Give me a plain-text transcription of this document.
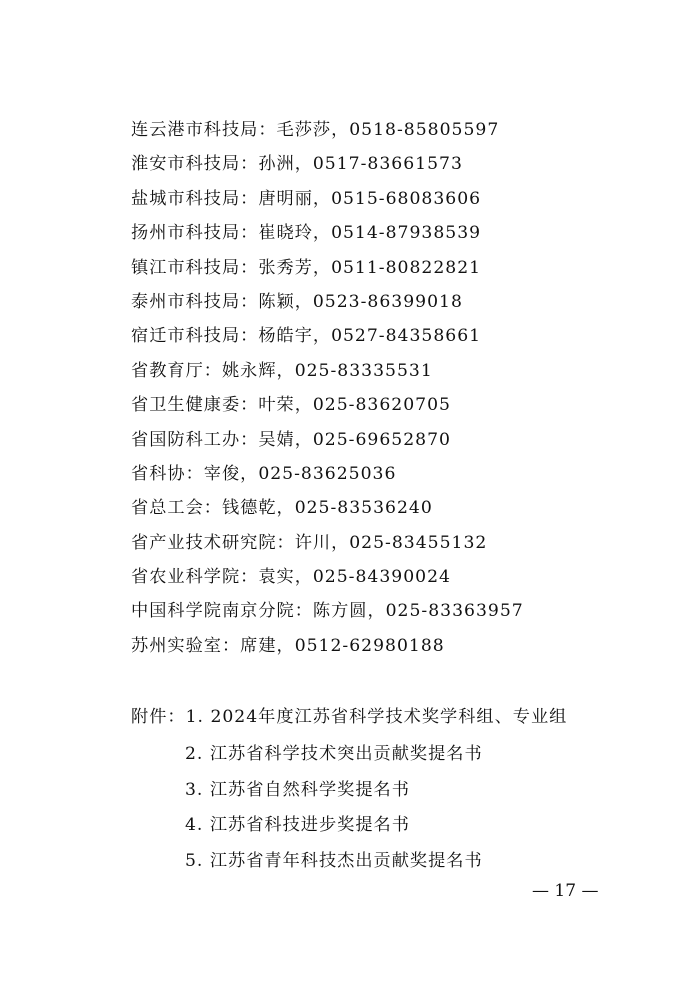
连云港市科技局：毛莎莎，0518-85805597
淮安市科技局：孙洲，0517-83661573
盐城市科技局：唐明丽，0515-68083606
扬州市科技局：崔晓玲，0514-87938539
镇江市科技局：张秀芳，0511-80822821
泰州市科技局：陈颖，0523-86399018
宿迁市科技局：杨皓宇，0527-84358661
省教育厅：姚永辉，025-83335531
省卫生健康委：叶荣，025-83620705
省国防科工办：吴婧，025-69652870
省科协：宰俊，025-83625036
省总工会：钱德乾，025-83536240
省产业技术研究院：许川，025-83455132
省农业科学院：袁实，025-84390024
中国科学院南京分院：陈方圆，025-83363957
苏州实验室：席建，0512-62980188
附件：1. 2024年度江苏省科学技术奖学科组、专业组
2. 江苏省科学技术突出贡献奖提名书
3. 江苏省自然科学奖提名书
4. 江苏省科技进步奖提名书
5. 江苏省青年科技杰出贡献奖提名书
— 17 —
